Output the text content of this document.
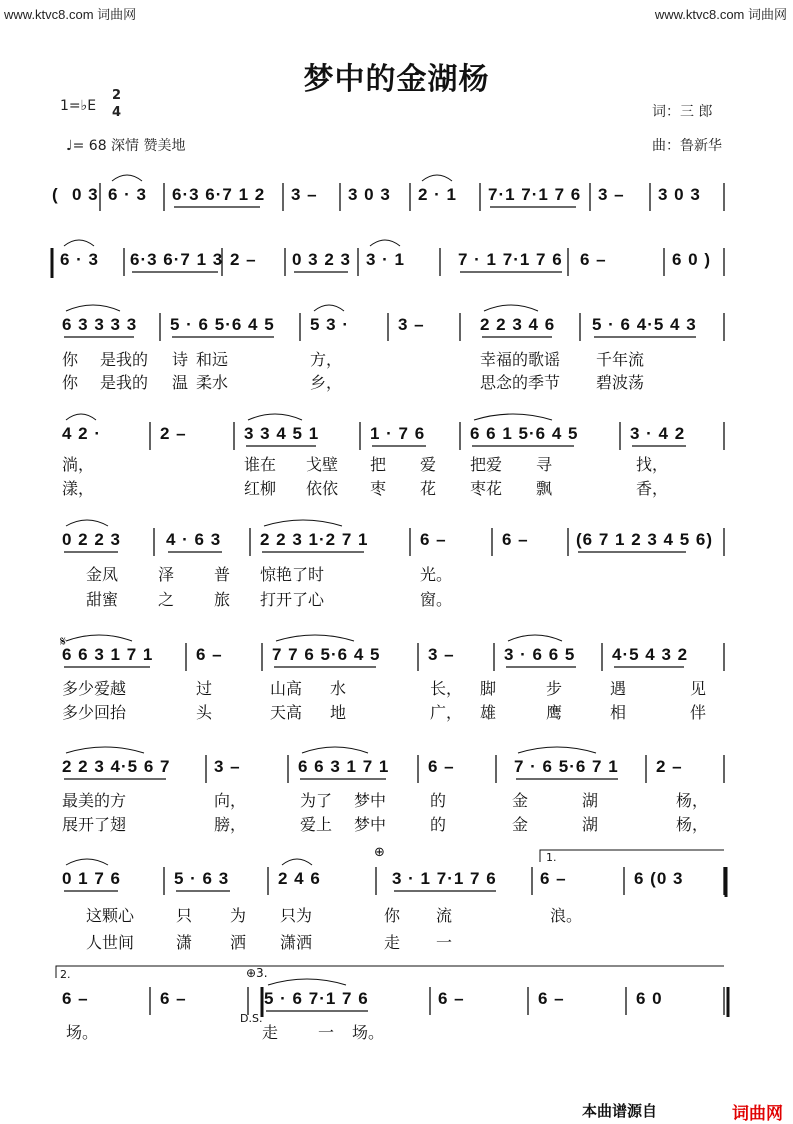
www.ktvc8.com 词曲网	www.ktvc8.com 词曲网
梦中的金湖杨
1=♭E
2
4
♩= 68 深情 赞美地
词：三 郎
曲：鲁新华
( 0 3 6 · 3 6·3 6·7 1 2 3 – 3 0 3 2 · 1 7·1 7·1 7 6 3 – 3 0 3
6 · 3 6·3 6·7 1 3 2 – 0 3 2 3 3 · 1	7 · 1 7·1 7 6 6 –	6 0 )
6 3 3 3 3 5 · 6 5·6 4 5 5 3 ·	3 –	2 2 3 4 6 5 · 6 4·5 4 3
你 是我的 诗 和远	方，	幸福的歌谣 千年流
你 是我的 温 柔水	乡，	思念的季节 碧波荡
4 2 ·	2 –	3 3 4 5 1	1 · 7 6	6 6 1 5·6 4 5	3 · 4 2
淌，	谁在 戈壁 把 爱 把爱 寻	找，
漾，	红柳 依依 枣 花 枣花 飘	香，
0 2 2 3	4 · 6 3 2 2 3 1·2 7 1	6 –	6 –	(6 7 1 2 3 4 5 6)
金凤 泽 普 惊艳了时	光。
甜蜜 之 旅 打开了心	窗。
6 6 3 1 7 1	6 –	7 7 6 5·6 4 5	3 –	3 · 6 6 5 4·5 4 3 2
多少爱越	过	山高 水	长， 脚	步	遇	见
多少回抬	头	天高 地	广， 雄	鹰	相	伴
2 2 3 4·5 6 7	3 –	6 6 3 1 7 1 6 –	7 · 6 5·6 7 1 2 –
最美的方	向，	为了 梦中	的	金	湖	杨，
展开了翅	膀，	爱上 梦中	的	金	湖	杨，
0 1 7 6	5 · 6 3	2 4 6	3 · 1 7·1 7 6	6 –	6 (0 3
这颗心	只 为 只为	你 流	浪。
人世间	潇 洒 潇洒	走 一
6 –	6 –	5 · 6 7·1 7 6	6 –	6 –	6 0
场。	走 一 场。
𝄋
⊕	1.
2.	⊕3.
D.S.
本曲谱源自	词曲网
